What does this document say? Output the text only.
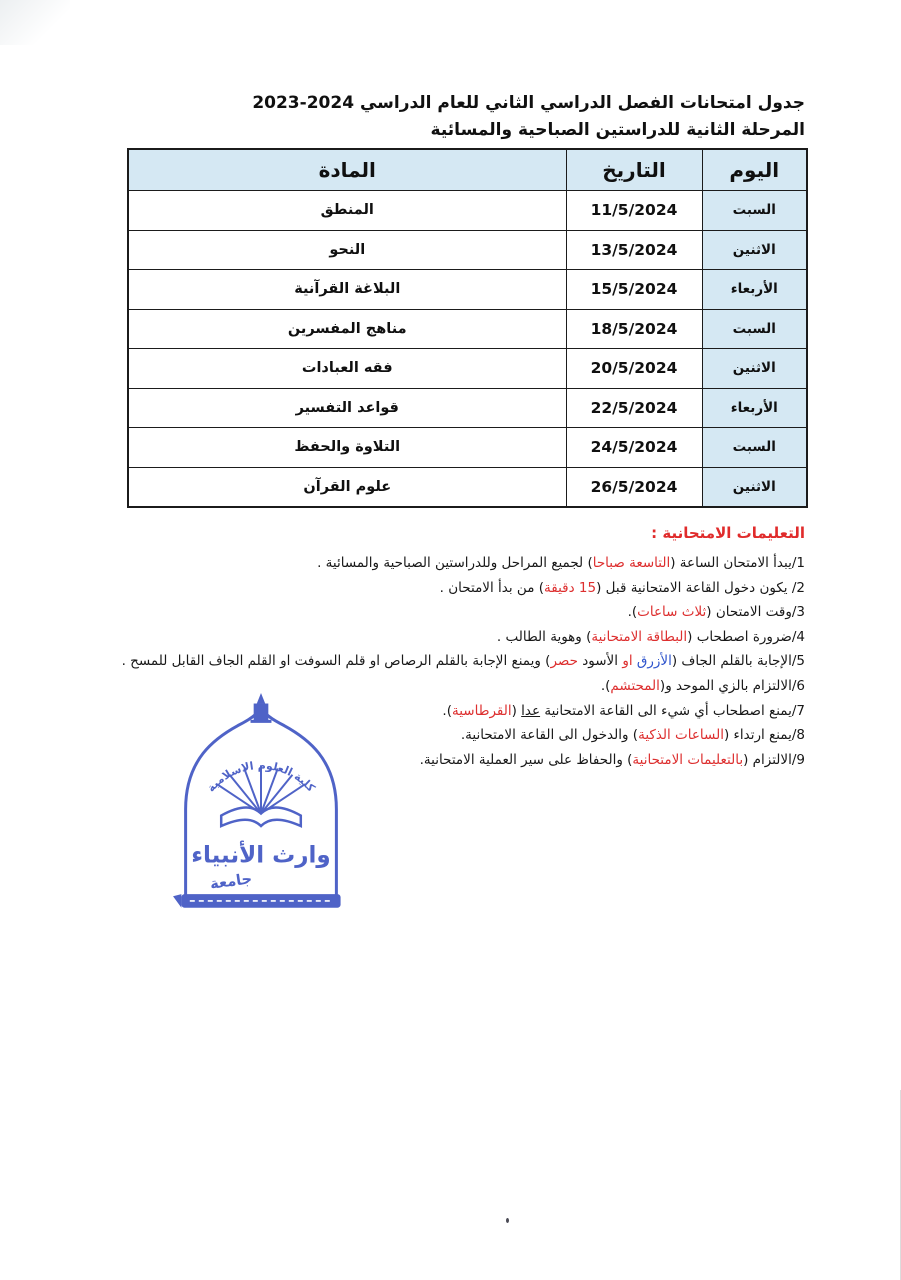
جدول امتحانات الفصل الدراسي الثاني للعام الدراسي 2024-2023
المرحلة الثانية للدراستين الصباحية والمسائية
اليوم	التاريخ	المادة
السبت	11/5/2024	المنطق
الاثنين	13/5/2024	النحو
الأربعاء	15/5/2024	البلاغة القرآنية
السبت	18/5/2024	مناهج المفسرين
الاثنين	20/5/2024	فقه العبادات
الأربعاء	22/5/2024	قواعد التفسير
السبت	24/5/2024	التلاوة والحفظ
الاثنين	26/5/2024	علوم القرآن
التعليمات الامتحانية :
1/يبدأ الامتحان الساعة (التاسعة صباحا) لجميع المراحل وللدراستين الصباحية والمسائية .
2/ يكون دخول القاعة الامتحانية قبل (15 دقيقة) من بدأ الامتحان .
3/وقت الامتحان (ثلاث ساعات).
4/ضرورة اصطحاب (البطاقة الامتحانية) وهوية الطالب .
5/الإجابة بالقلم الجاف (الأزرق او الأسود حصر) ويمنع الإجابة بالقلم الرصاص او قلم السوفت او القلم الجاف القابل للمسح .
6/الالتزام بالزي الموحد و(المحتشم).
7/يمنع اصطحاب أي شيء الى القاعة الامتحانية عدا (القرطاسية).
8/يمنع ارتداء (الساعات الذكية) والدخول الى القاعة الامتحانية.
9/الالتزام (بالتعليمات الامتحانية) والحفاظ على سير العملية الامتحانية.
كلية العلوم الاسلامية
وارث الأنبياء
جامعة
